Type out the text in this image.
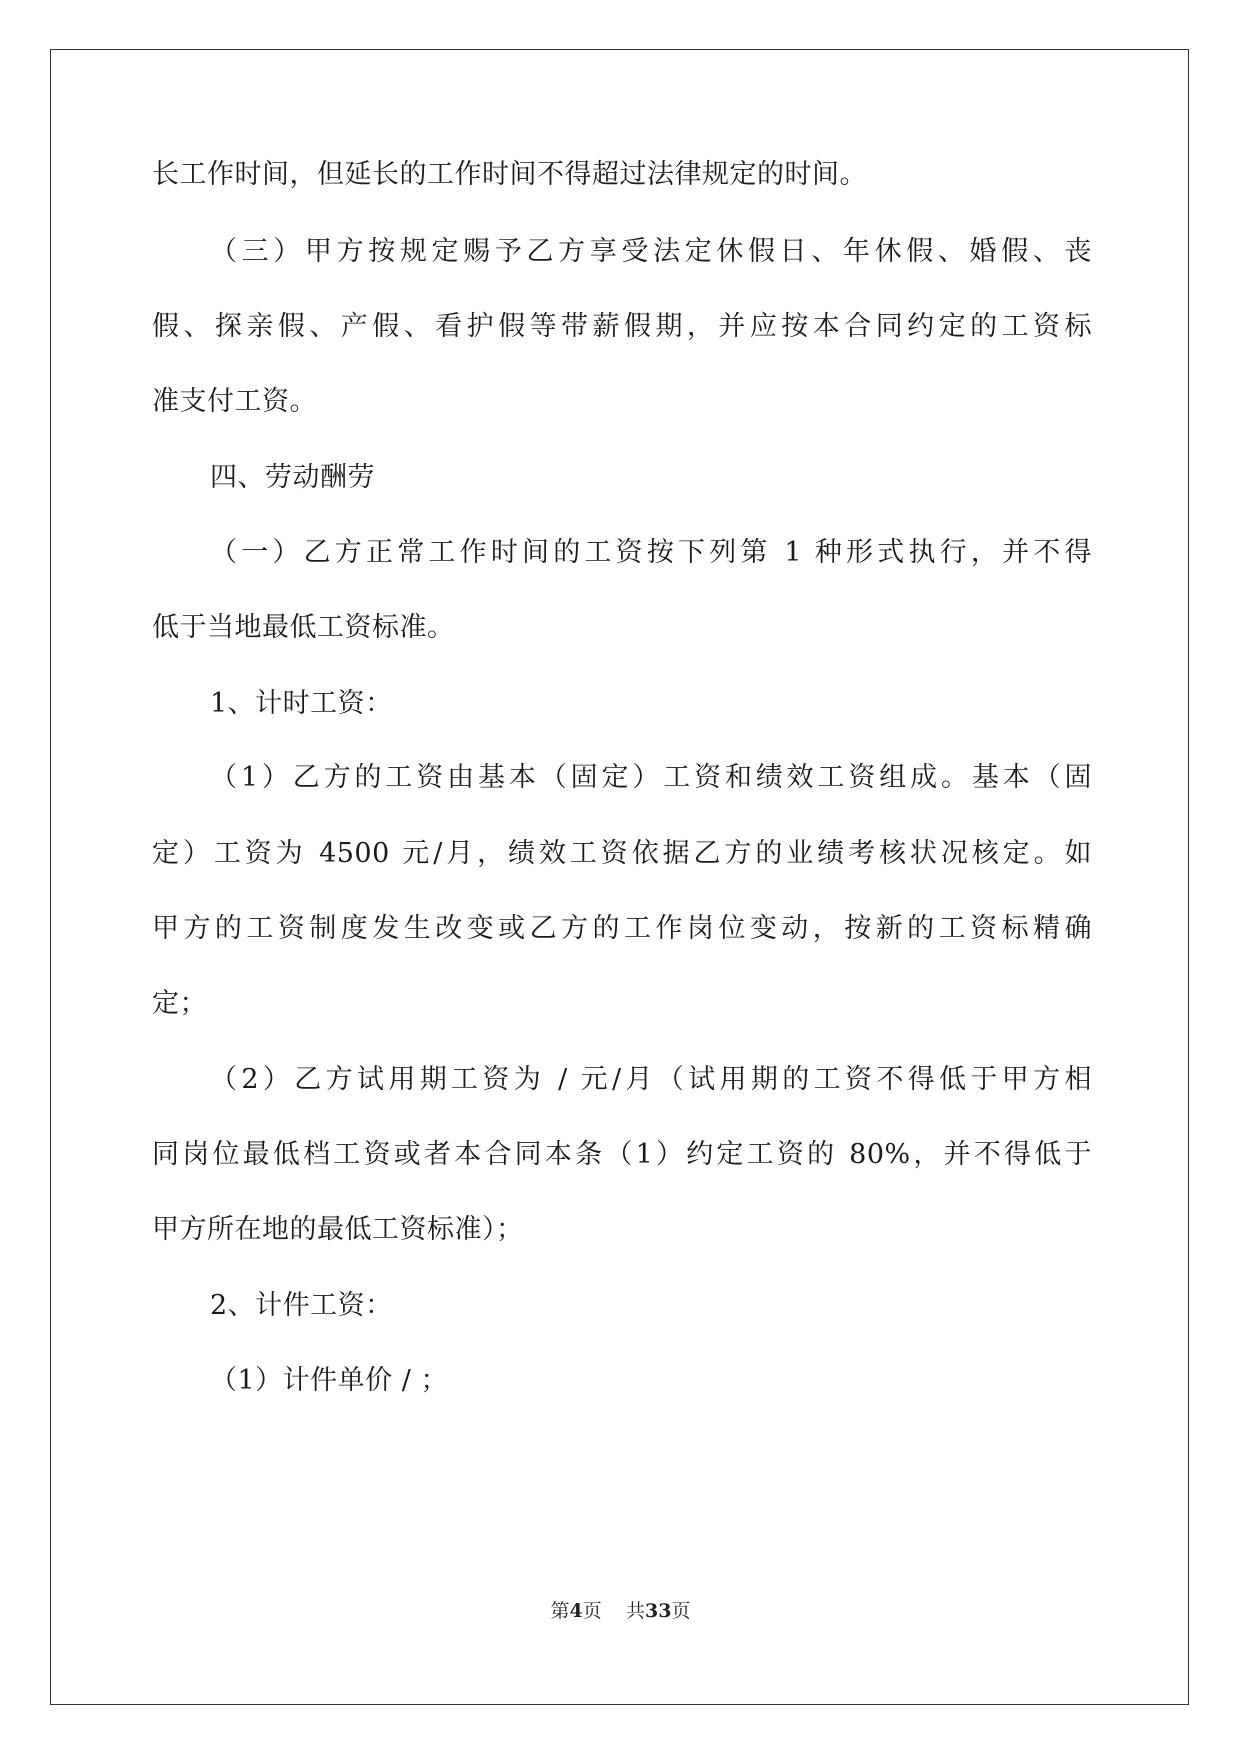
长工作时间，但延长的工作时间不得超过法律规定的时间。
（三）甲方按规定赐予乙方享受法定休假日、年休假、婚假、丧
假、探亲假、产假、看护假等带薪假期，并应按本合同约定的工资标
准支付工资。
四、劳动酬劳
（一）乙方正常工作时间的工资按下列第 1 种形式执行，并不得
低于当地最低工资标准。
1、计时工资：
（1）乙方的工资由基本（固定）工资和绩效工资组成。基本（固
定）工资为 4500 元/月，绩效工资依据乙方的业绩考核状况核定。如
甲方的工资制度发生改变或乙方的工作岗位变动，按新的工资标精确
定；
（2）乙方试用期工资为 / 元/月（试用期的工资不得低于甲方相
同岗位最低档工资或者本合同本条（1）约定工资的 80%，并不得低于
甲方所在地的最低工资标准）；
2、计件工资：
（1）计件单价 / ；
第4页 共33页
